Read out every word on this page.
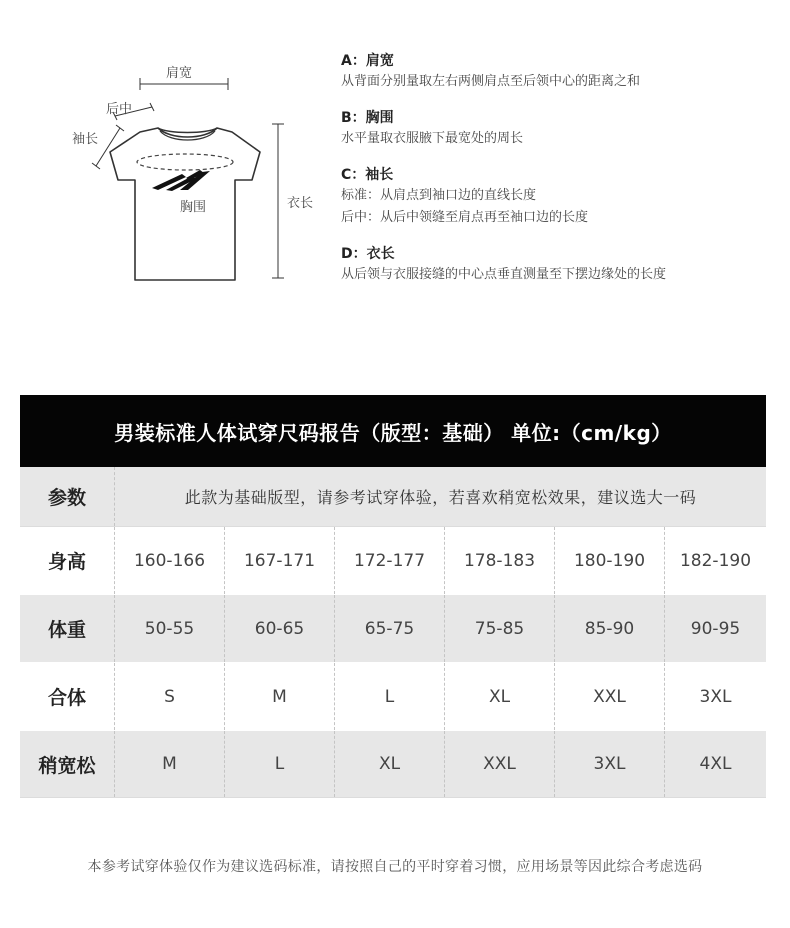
肩宽
后中
袖长
胸围	衣长
A：肩宽
从背面分别量取左右两侧肩点至后领中心的距离之和
B：胸围
水平量取衣服腋下最宽处的周长
C：袖长
标准：从肩点到袖口边的直线长度
后中：从后中领缝至肩点再至袖口边的长度
D：衣长
从后领与衣服接缝的中心点垂直测量至下摆边缘处的长度
男装标准人体试穿尺码报告（版型：基础） 单位:（cm/kg）
参数	此款为基础版型，请参考试穿体验，若喜欢稍宽松效果，建议选大一码
身高	160-166	167-171	172-177	178-183	180-190	182-190
体重	50-55	60-65	65-75	75-85	85-90	90-95
合体	S	M	L	XL	XXL	3XL
稍宽松	M	L	XL	XXL	3XL	4XL
本参考试穿体验仅作为建议选码标准，请按照自己的平时穿着习惯，应用场景等因此综合考虑选码
